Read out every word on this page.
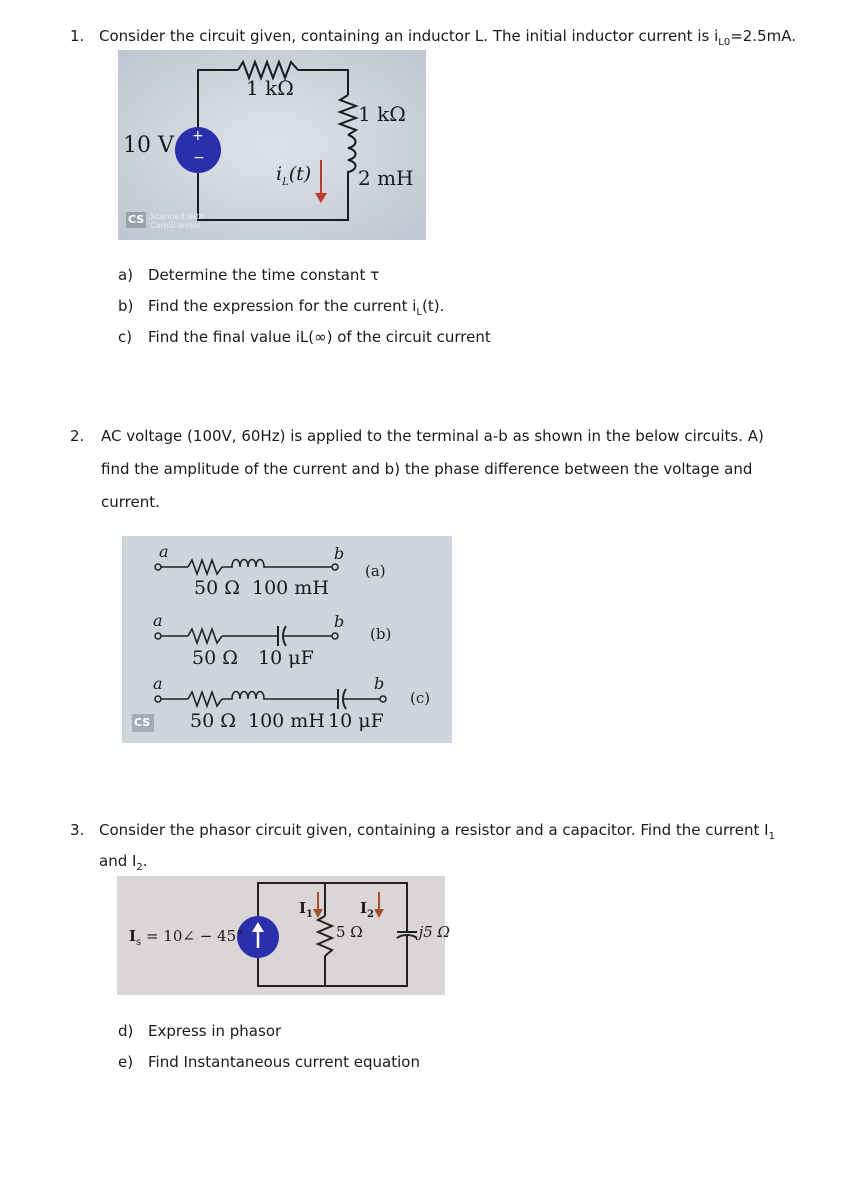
1. Consider the circuit given, containing an inductor L. The initial inductor current is $i_{L0}=2.5mA$.
10 V +
−
1 kΩ
1 kΩ
2 mH
$i_L(t)$
CS Scanned with CamScanner
a) Determine the time constant τ
b) Find the expression for the current $i_L(t)$.
c) Find the final value iL(∞) of the circuit current
2. AC voltage (100V, 60Hz) is applied to the terminal a-b as shown in the below circuits. A)
find the amplitude of the current and b) the phase difference between the voltage and
current.
a	b
(a)
50 Ω 100 mH
a	b
(b)
50 Ω 10 μF
a	b
(c)
50 Ω 100 mH 10 μF
CS
3. Consider the phasor circuit given, containing a resistor and a capacitor. Find the current $I_1$
and $I_2$.
$I_s$ = 10∠ − 45°
$I_1$	$I_2$
5 Ω	−j5 Ω
d) Express in phasor
e) Find Instantaneous current equation
